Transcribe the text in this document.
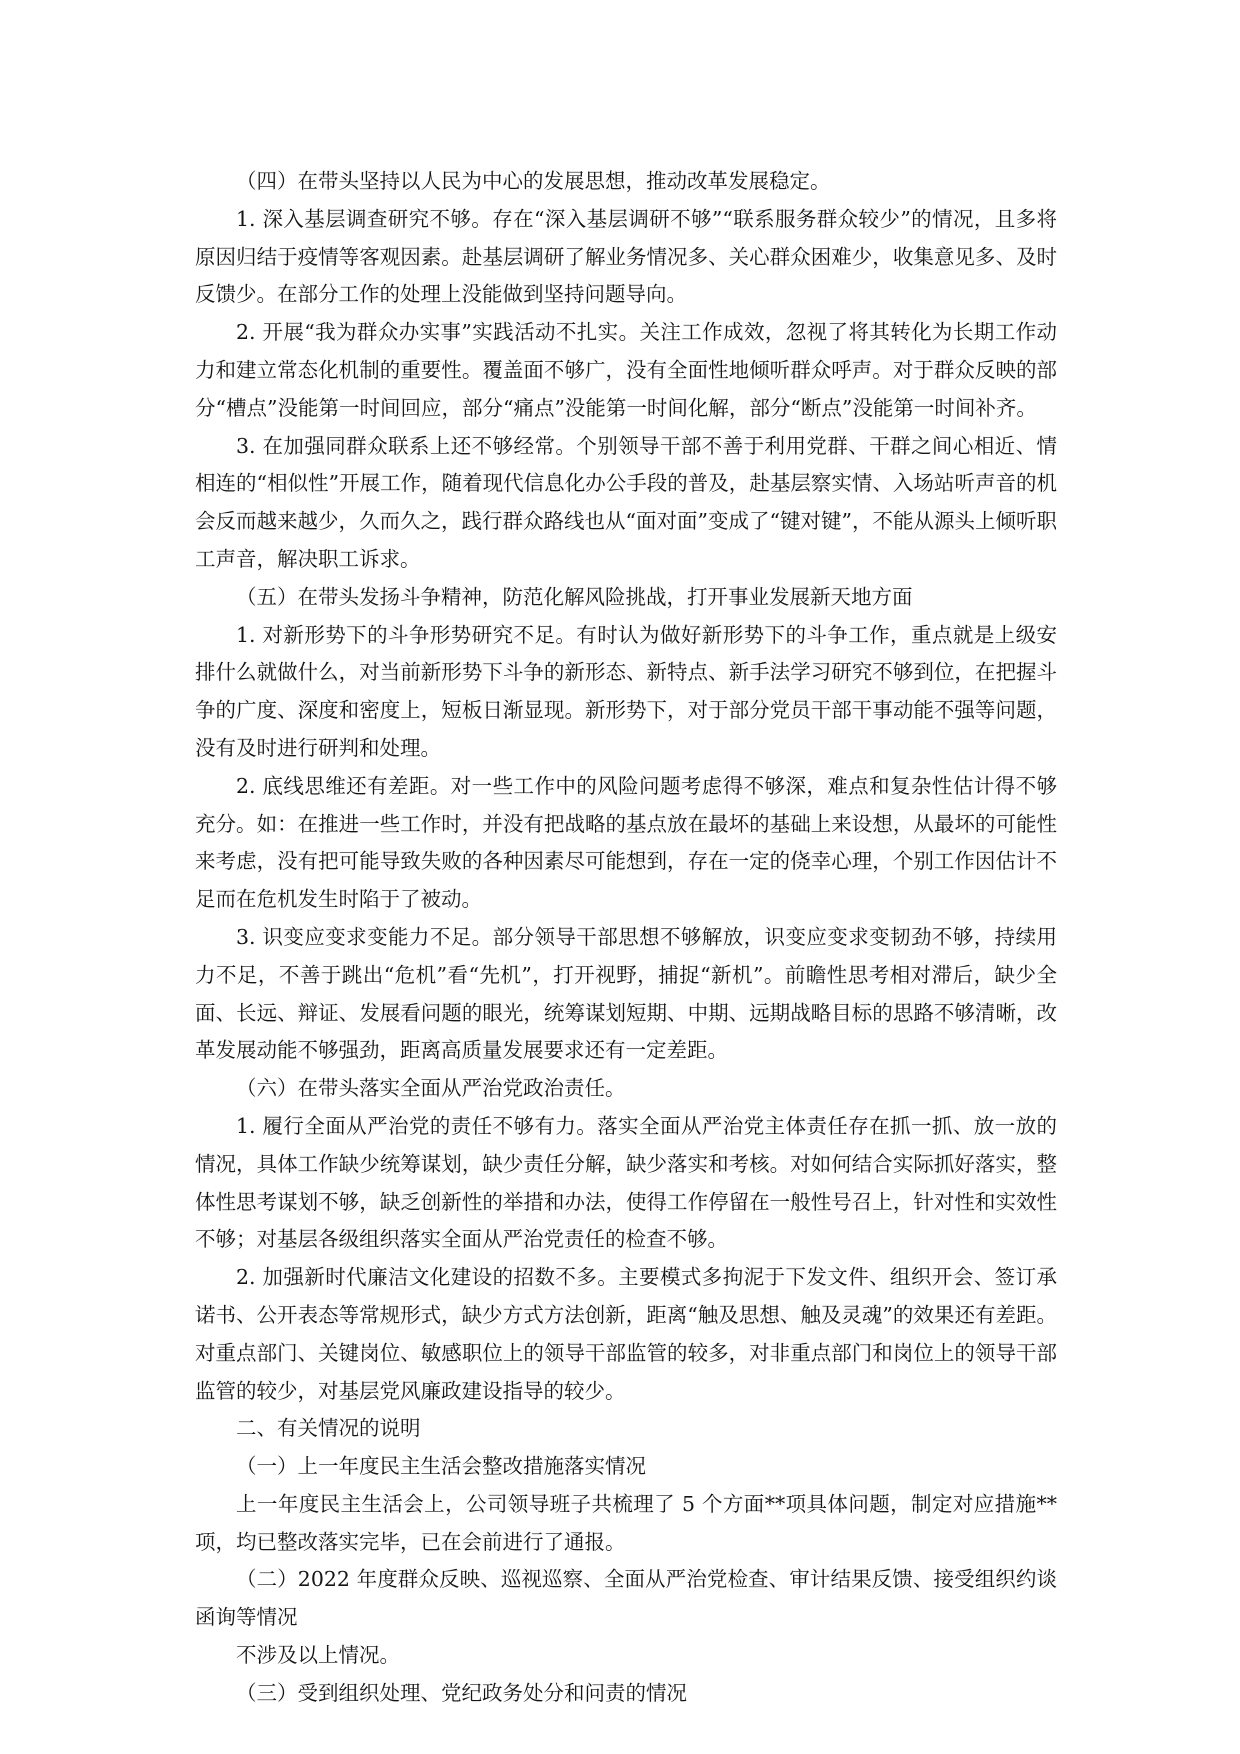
（四）在带头坚持以人民为中心的发展思想，推动改革发展稳定。

1. 深入基层调查研究不够。存在“深入基层调研不够”“联系服务群众较少”的情况，且多将原因归结于疫情等客观因素。赴基层调研了解业务情况多、关心群众困难少，收集意见多、及时反馈少。在部分工作的处理上没能做到坚持问题导向。

2. 开展“我为群众办实事”实践活动不扎实。关注工作成效，忽视了将其转化为长期工作动力和建立常态化机制的重要性。覆盖面不够广，没有全面性地倾听群众呼声。对于群众反映的部分“槽点”没能第一时间回应，部分“痛点”没能第一时间化解，部分“断点”没能第一时间补齐。

3. 在加强同群众联系上还不够经常。个别领导干部不善于利用党群、干群之间心相近、情相连的“相似性”开展工作，随着现代信息化办公手段的普及，赴基层察实情、入场站听声音的机会反而越来越少，久而久之，践行群众路线也从“面对面”变成了“键对键”，不能从源头上倾听职工声音，解决职工诉求。

（五）在带头发扬斗争精神，防范化解风险挑战，打开事业发展新天地方面

1. 对新形势下的斗争形势研究不足。有时认为做好新形势下的斗争工作，重点就是上级安排什么就做什么，对当前新形势下斗争的新形态、新特点、新手法学习研究不够到位，在把握斗争的广度、深度和密度上，短板日渐显现。新形势下，对于部分党员干部干事动能不强等问题，没有及时进行研判和处理。

2. 底线思维还有差距。对一些工作中的风险问题考虑得不够深，难点和复杂性估计得不够充分。如：在推进一些工作时，并没有把战略的基点放在最坏的基础上来设想，从最坏的可能性来考虑，没有把可能导致失败的各种因素尽可能想到，存在一定的侥幸心理，个别工作因估计不足而在危机发生时陷于了被动。

3. 识变应变求变能力不足。部分领导干部思想不够解放，识变应变求变韧劲不够，持续用力不足，不善于跳出“危机”看“先机”，打开视野，捕捉“新机”。前瞻性思考相对滞后，缺少全面、长远、辩证、发展看问题的眼光，统筹谋划短期、中期、远期战略目标的思路不够清晰，改革发展动能不够强劲，距离高质量发展要求还有一定差距。

（六）在带头落实全面从严治党政治责任。

1. 履行全面从严治党的责任不够有力。落实全面从严治党主体责任存在抓一抓、放一放的情况，具体工作缺少统筹谋划，缺少责任分解，缺少落实和考核。对如何结合实际抓好落实，整体性思考谋划不够，缺乏创新性的举措和办法，使得工作停留在一般性号召上，针对性和实效性不够；对基层各级组织落实全面从严治党责任的检查不够。

2. 加强新时代廉洁文化建设的招数不多。主要模式多拘泥于下发文件、组织开会、签订承诺书、公开表态等常规形式，缺少方式方法创新，距离“触及思想、触及灵魂”的效果还有差距。对重点部门、关键岗位、敏感职位上的领导干部监管的较多，对非重点部门和岗位上的领导干部监管的较少，对基层党风廉政建设指导的较少。

二、有关情况的说明

（一）上一年度民主生活会整改措施落实情况

上一年度民主生活会上，公司领导班子共梳理了 5 个方面**项具体问题，制定对应措施**项，均已整改落实完毕，已在会前进行了通报。

（二）2022 年度群众反映、巡视巡察、全面从严治党检查、审计结果反馈、接受组织约谈函询等情况

不涉及以上情况。

（三）受到组织处理、党纪政务处分和问责的情况
